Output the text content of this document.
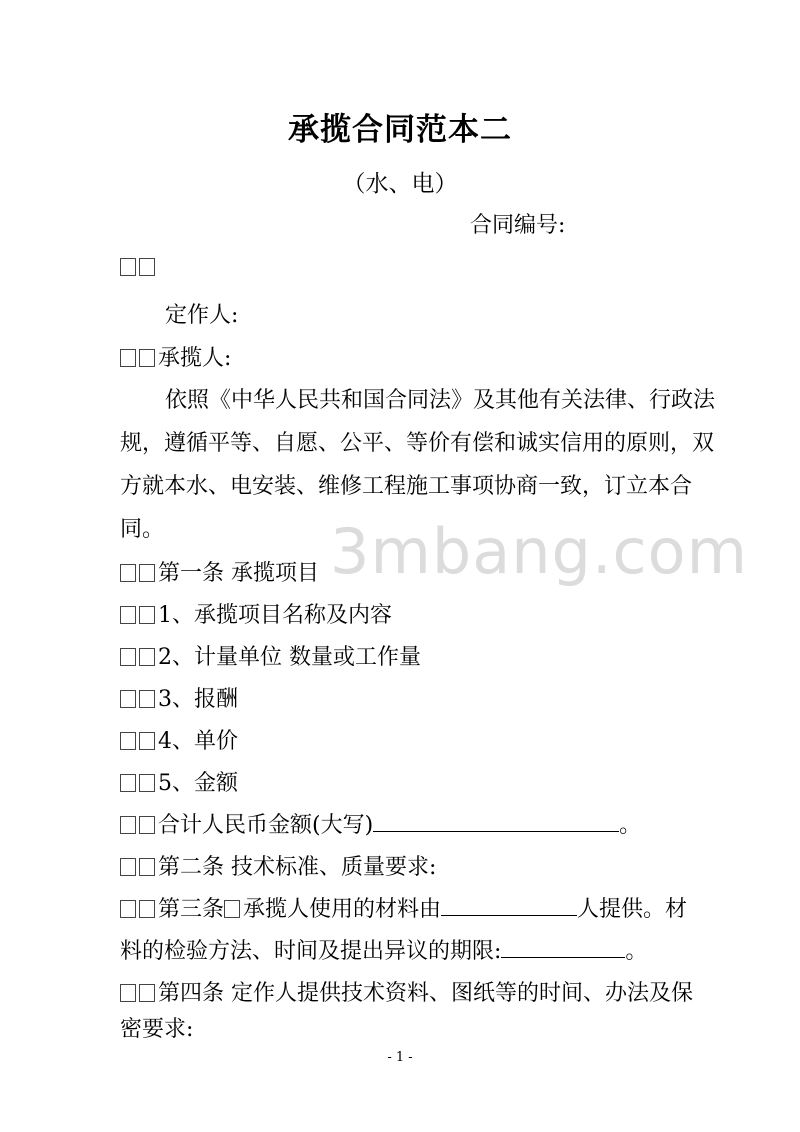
3mbang.com
承揽合同范本二
（水、电）
合同编号:
定作人:
承揽人:
依照《中华人民共和国合同法》及其他有关法律、行政法
规，遵循平等、自愿、公平、等价有偿和诚实信用的原则，双
方就本水、电安装、维修工程施工事项协商一致，订立本合
同。
第一条 承揽项目
1、承揽项目名称及内容
2、计量单位 数量或工作量
3、报酬
4、单价
5、金额
合计人民币金额(大写)	。
第二条 技术标准、质量要求:
第三条 承揽人使用的材料由	人提供。材
料的检验方法、时间及提出异议的期限:	。
第四条 定作人提供技术资料、图纸等的时间、办法及保
密要求:
- 1 -
